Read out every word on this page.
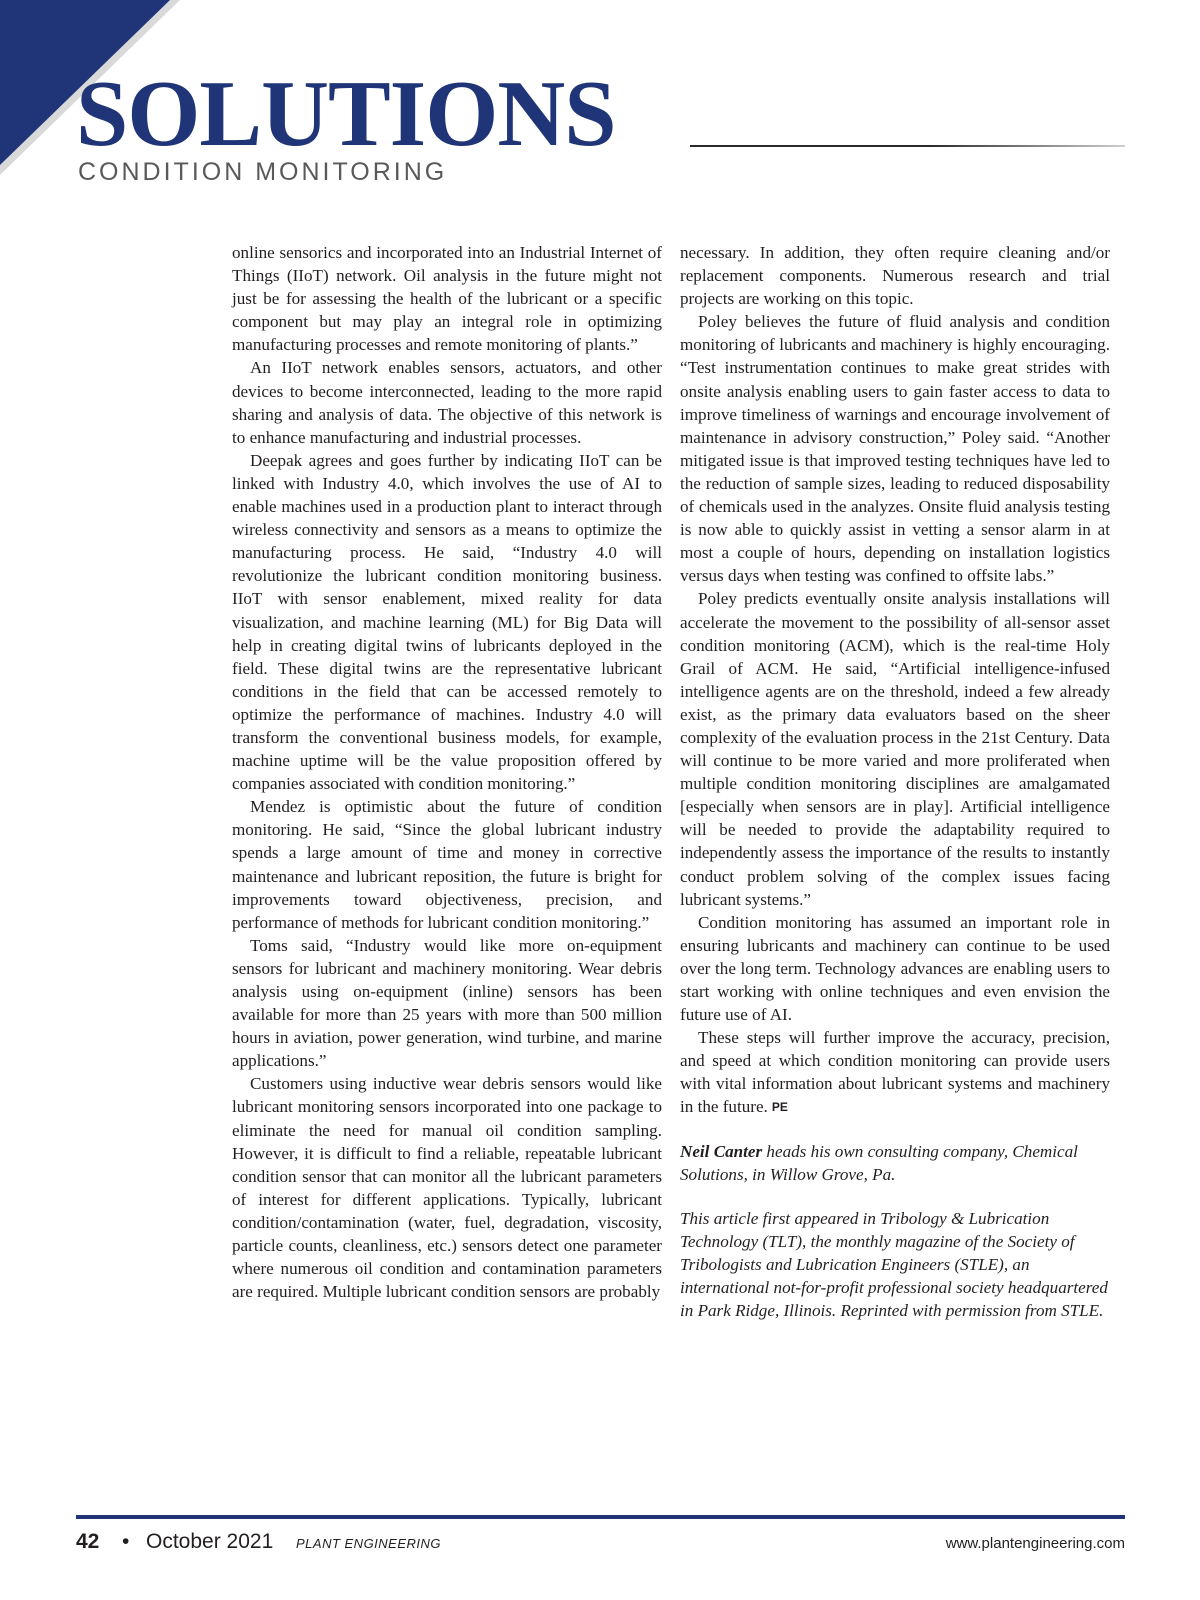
SOLUTIONS
CONDITION MONITORING

online sensorics and incorporated into an Industrial Internet of Things (IIoT) network. Oil analysis in the future might not just be for assessing the health of the lubricant or a specific component but may play an integral role in optimizing manufacturing processes and remote monitoring of plants.”

An IIoT network enables sensors, actuators, and other devices to become interconnected, leading to the more rapid sharing and analysis of data. The objective of this network is to enhance manufacturing and industrial processes.

Deepak agrees and goes further by indicating IIoT can be linked with Industry 4.0, which involves the use of AI to enable machines used in a production plant to interact through wireless connectivity and sensors as a means to optimize the manufacturing process. He said, “Industry 4.0 will revolutionize the lubricant condition monitoring business. IIoT with sensor enablement, mixed reality for data visualization, and machine learning (ML) for Big Data will help in creating digital twins of lubricants deployed in the field. These digital twins are the representative lubricant conditions in the field that can be accessed remotely to optimize the performance of machines. Industry 4.0 will transform the conventional business models, for example, machine uptime will be the value proposition offered by companies associated with condition monitoring.”

Mendez is optimistic about the future of condition monitoring. He said, “Since the global lubricant industry spends a large amount of time and money in corrective maintenance and lubricant reposition, the future is bright for improvements toward objectiveness, precision, and performance of methods for lubricant condition monitoring.”

Toms said, “Industry would like more on-equipment sensors for lubricant and machinery monitoring. Wear debris analysis using on-equipment (inline) sensors has been available for more than 25 years with more than 500 million hours in aviation, power generation, wind turbine, and marine applications.”

Customers using inductive wear debris sensors would like lubricant monitoring sensors incorporated into one package to eliminate the need for manual oil condition sampling. However, it is difficult to find a reliable, repeatable lubricant condition sensor that can monitor all the lubricant parameters of interest for different applications. Typically, lubricant condition/contamination (water, fuel, degradation, viscosity, particle counts, cleanliness, etc.) sensors detect one parameter where numerous oil condition and contamination parameters are required. Multiple lubricant condition sensors are probably

necessary. In addition, they often require cleaning and/or replacement components. Numerous research and trial projects are working on this topic.

Poley believes the future of fluid analysis and condition monitoring of lubricants and machinery is highly encouraging. “Test instrumentation continues to make great strides with onsite analysis enabling users to gain faster access to data to improve timeliness of warnings and encourage involvement of maintenance in advisory construction,” Poley said. “Another mitigated issue is that improved testing techniques have led to the reduction of sample sizes, leading to reduced disposability of chemicals used in the analyzes. Onsite fluid analysis testing is now able to quickly assist in vetting a sensor alarm in at most a couple of hours, depending on installation logistics versus days when testing was confined to offsite labs.”

Poley predicts eventually onsite analysis installations will accelerate the movement to the possibility of all-sensor asset condition monitoring (ACM), which is the real-time Holy Grail of ACM. He said, “Artificial intelligence-infused intelligence agents are on the threshold, indeed a few already exist, as the primary data evaluators based on the sheer complexity of the evaluation process in the 21st Century. Data will continue to be more varied and more proliferated when multiple condition monitoring disciplines are amalgamated [especially when sensors are in play]. Artificial intelligence will be needed to provide the adaptability required to independently assess the importance of the results to instantly conduct problem solving of the complex issues facing lubricant systems.”

Condition monitoring has assumed an important role in ensuring lubricants and machinery can continue to be used over the long term. Technology advances are enabling users to start working with online techniques and even envision the future use of AI.

These steps will further improve the accuracy, precision, and speed at which condition monitoring can provide users with vital information about lubricant systems and machinery in the future. PE

Neil Canter heads his own consulting company, Chemical Solutions, in Willow Grove, Pa.

This article first appeared in Tribology & Lubrication Technology (TLT), the monthly magazine of the Society of Tribologists and Lubrication Engineers (STLE), an international not-for-profit professional society headquartered in Park Ridge, Illinois. Reprinted with permission from STLE.

42 • October 2021 PLANT ENGINEERING	www.plantengineering.com
